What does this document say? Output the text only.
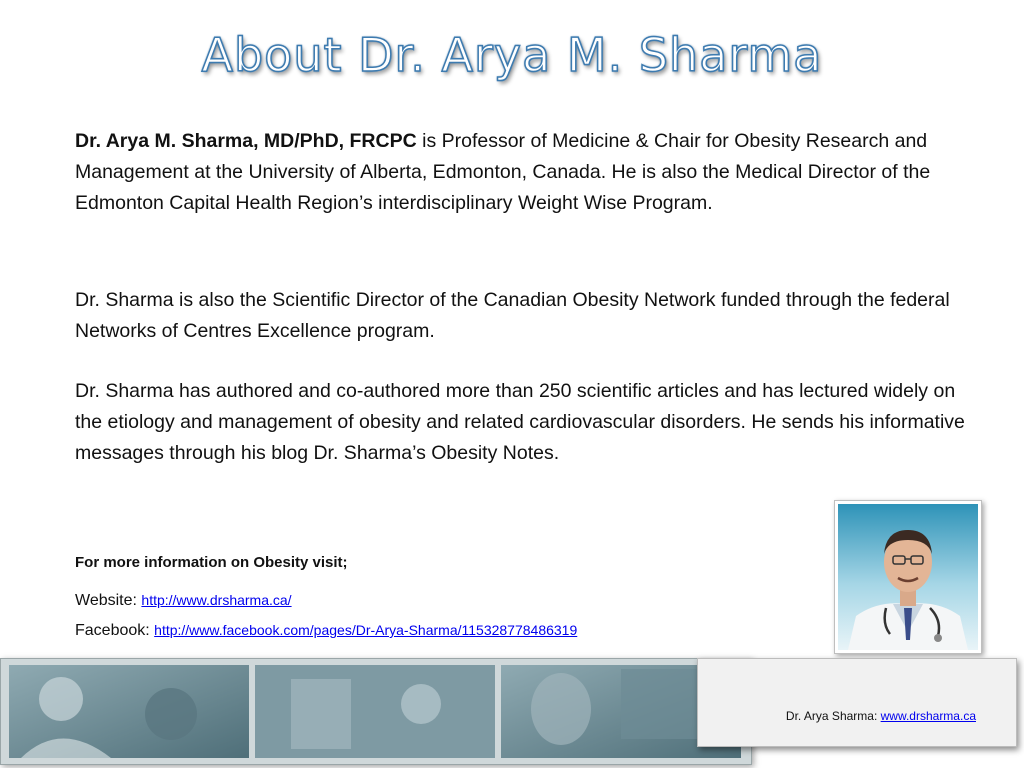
About Dr. Arya M. Sharma

Dr. Arya M. Sharma, MD/PhD, FRCPC is Professor of Medicine & Chair for Obesity Research and Management at the University of Alberta, Edmonton, Canada. He is also the Medical Director of the Edmonton Capital Health Region’s interdisciplinary Weight Wise Program.

Dr. Sharma is also the Scientific Director of the Canadian Obesity Network funded through the federal Networks of Centres Excellence program.

Dr. Sharma has authored and co-authored more than 250 scientific articles and has lectured widely on the etiology and management of obesity and related cardiovascular disorders. He sends his informative messages through his blog Dr. Sharma’s Obesity Notes.

For more information on Obesity visit;

Website: http://www.drsharma.ca/

Facebook: http://www.facebook.com/pages/Dr-Arya-Sharma/115328778486319

Dr. Arya Sharma: www.drsharma.ca
